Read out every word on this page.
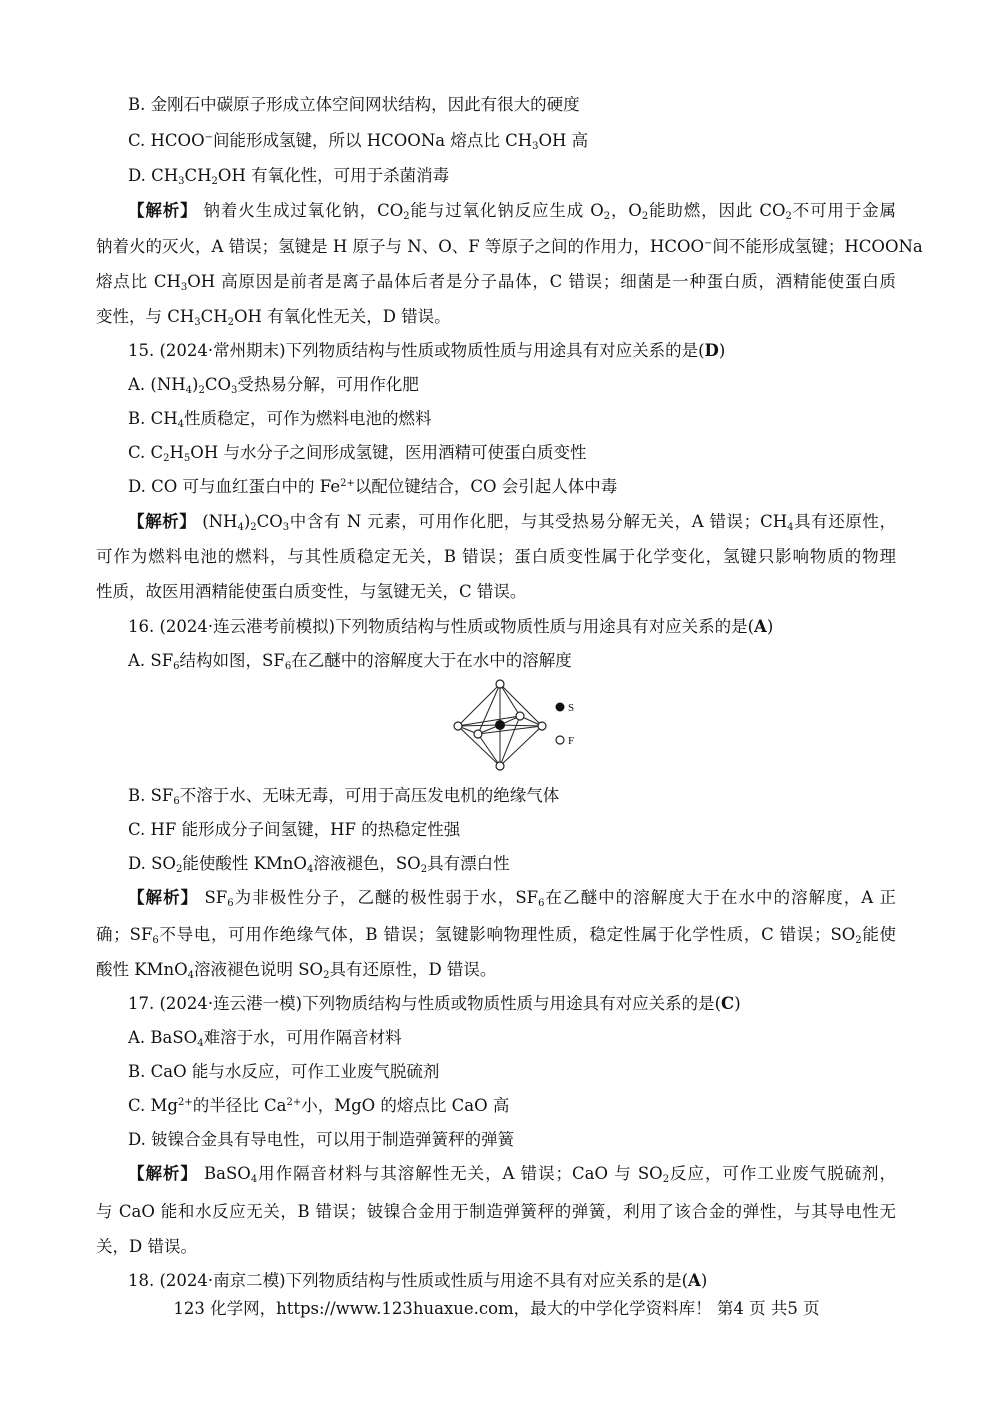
B. 金刚石中碳原子形成立体空间网状结构，因此有很大的硬度
C. HCOO−间能形成氢键，所以 HCOONa 熔点比 $CH_3OH$ 高
D. $CH_3CH_2OH$ 有氧化性，可用于杀菌消毒
【解析】 钠着火生成过氧化钠，$CO_2$能与过氧化钠反应生成 $O_2$，$O_2$能助燃，因此 $CO_2$不可用于金属
钠着火的灭火，A 错误；氢键是 H 原子与 N、O、F 等原子之间的作用力，HCOO−间不能形成氢键；HCOONa
熔点比 $CH_3OH$ 高原因是前者是离子晶体后者是分子晶体，C 错误；细菌是一种蛋白质，酒精能使蛋白质
变性，与 $CH_3CH_2OH$ 有氧化性无关，D 错误。
15. (2024·常州期末)下列物质结构与性质或物质性质与用途具有对应关系的是(D)
A. $(NH_4)_2CO_3$受热易分解，可用作化肥
B. $CH_4$性质稳定，可作为燃料电池的燃料
C. $C_2H_5OH$ 与水分子之间形成氢键，医用酒精可使蛋白质变性
D. CO 可与血红蛋白中的 $Fe^{2+}$以配位键结合，CO 会引起人体中毒
【解析】 $(NH_4)_2CO_3$中含有 N 元素，可用作化肥，与其受热易分解无关，A 错误；$CH_4$具有还原性，
可作为燃料电池的燃料，与其性质稳定无关，B 错误；蛋白质变性属于化学变化，氢键只影响物质的物理
性质，故医用酒精能使蛋白质变性，与氢键无关，C 错误。
16. (2024·连云港考前模拟)下列物质结构与性质或物质性质与用途具有对应关系的是(A)
A. $SF_6$结构如图，$SF_6$在乙醚中的溶解度大于在水中的溶解度
S
F
B. $SF_6$不溶于水、无味无毒，可用于高压发电机的绝缘气体
C. HF 能形成分子间氢键，HF 的热稳定性强
D. $SO_2$能使酸性 KMnO$_4$溶液褪色，$SO_2$具有漂白性
【解析】 $SF_6$为非极性分子，乙醚的极性弱于水，$SF_6$在乙醚中的溶解度大于在水中的溶解度，A 正
确；$SF_6$不导电，可用作绝缘气体，B 错误；氢键影响物理性质，稳定性属于化学性质，C 错误；$SO_2$能使
酸性 KMnO$_4$溶液褪色说明 $SO_2$具有还原性，D 错误。
17. (2024·连云港一模)下列物质结构与性质或物质性质与用途具有对应关系的是(C)
A. BaSO$_4$难溶于水，可用作隔音材料
B. CaO 能与水反应，可作工业废气脱硫剂
C. $Mg^{2+}$的半径比 $Ca^{2+}$小，MgO 的熔点比 CaO 高
D. 铍镍合金具有导电性，可以用于制造弹簧秤的弹簧
【解析】 BaSO$_4$用作隔音材料与其溶解性无关，A 错误；CaO 与 $SO_2$反应，可作工业废气脱硫剂，
与 CaO 能和水反应无关，B 错误；铍镍合金用于制造弹簧秤的弹簧，利用了该合金的弹性，与其导电性无
关，D 错误。
18. (2024·南京二模)下列物质结构与性质或性质与用途不具有对应关系的是(A)
123 化学网，https://www.123huaxue.com，最大的中学化学资料库！ 第4 页 共5 页
